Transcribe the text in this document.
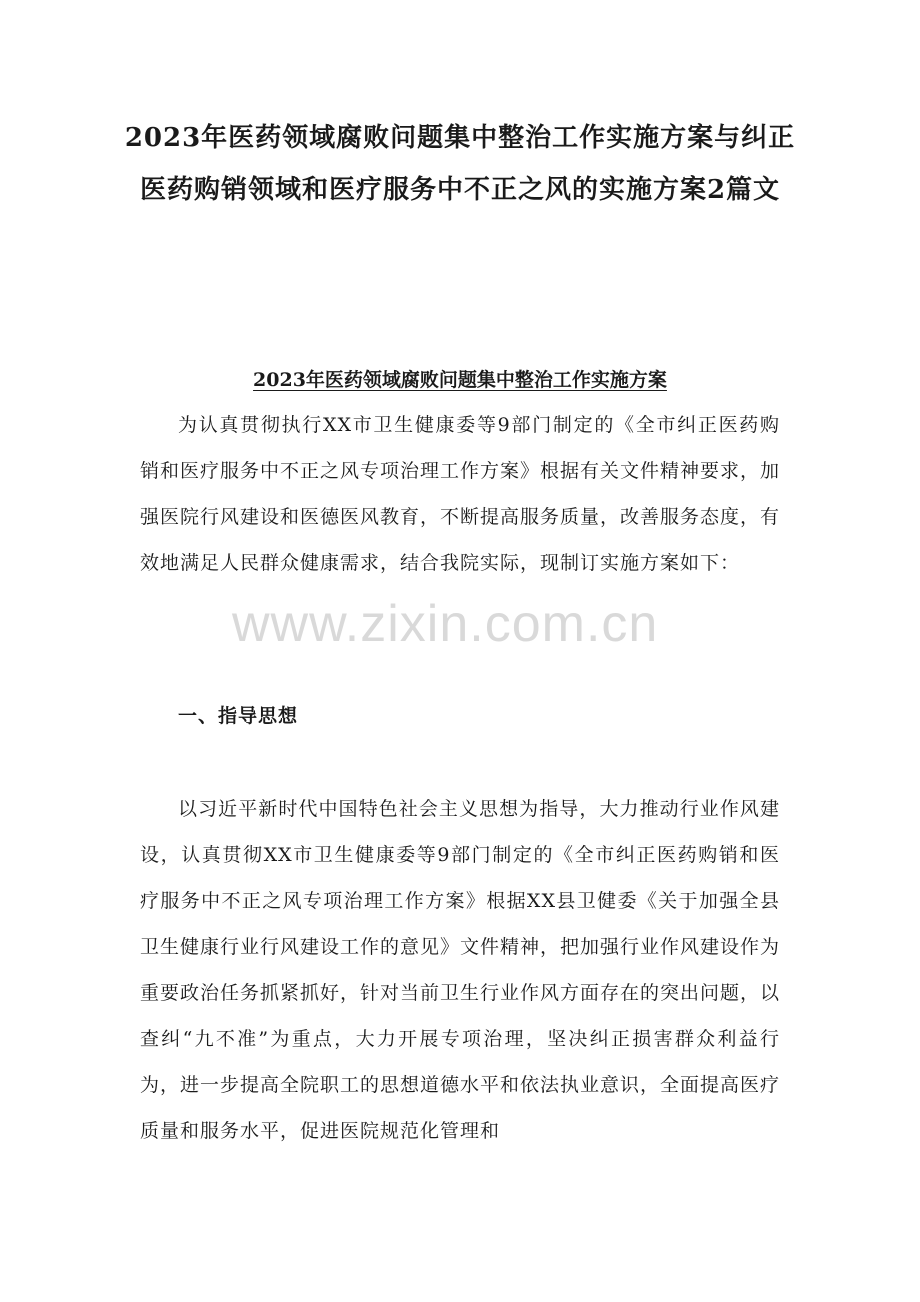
2023年医药领域腐败问题集中整治工作实施方案与纠正医药购销领域和医疗服务中不正之风的实施方案2篇文
2023年医药领域腐败问题集中整治工作实施方案
为认真贯彻执行XX市卫生健康委等9部门制定的《全市纠正医药购销和医疗服务中不正之风专项治理工作方案》根据有关文件精神要求，加强医院行风建设和医德医风教育，不断提高服务质量，改善服务态度，有效地满足人民群众健康需求，结合我院实际，现制订实施方案如下：
一、指导思想
以习近平新时代中国特色社会主义思想为指导，大力推动行业作风建设，认真贯彻XX市卫生健康委等9部门制定的《全市纠正医药购销和医疗服务中不正之风专项治理工作方案》根据XX县卫健委《关于加强全县卫生健康行业行风建设工作的意见》文件精神，把加强行业作风建设作为重要政治任务抓紧抓好，针对当前卫生行业作风方面存在的突出问题，以查纠“九不准”为重点，大力开展专项治理，坚决纠正损害群众利益行为，进一步提高全院职工的思想道德水平和依法执业意识，全面提高医疗质量和服务水平，促进医院规范化管理和
www.zixin.com.cn
